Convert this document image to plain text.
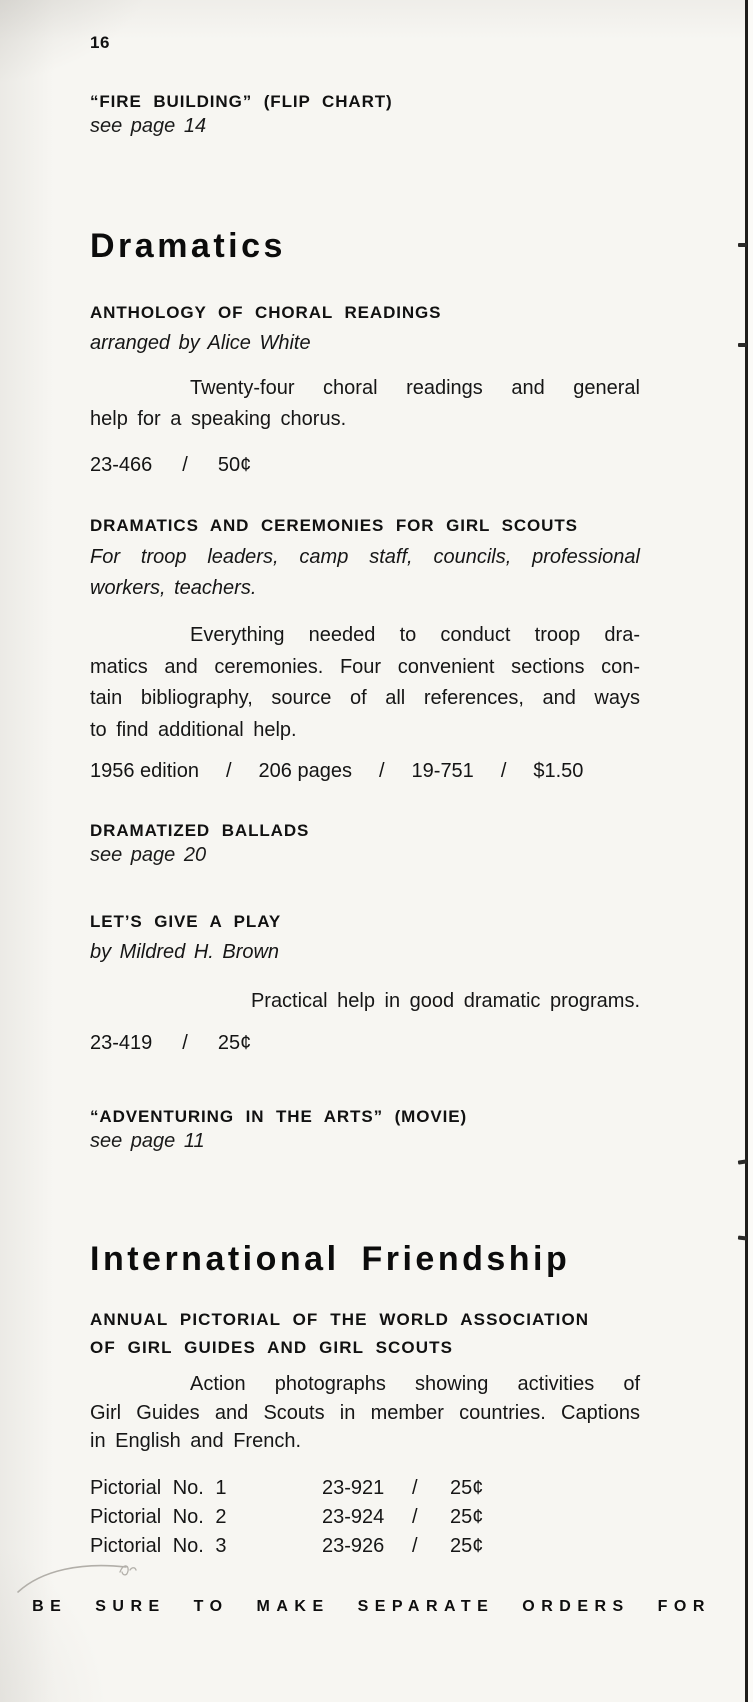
16
“FIRE BUILDING” (FLIP CHART)
see page 14
Dramatics
ANTHOLOGY OF CHORAL READINGS
arranged by Alice White
Twenty-four choral readings and general
help for a speaking chorus.
23-466 / 50¢
DRAMATICS AND CEREMONIES FOR GIRL SCOUTS
For troop leaders, camp staff, councils, professional
workers, teachers.
Everything needed to conduct troop dra-
matics and ceremonies. Four convenient sections con-
tain bibliography, source of all references, and ways
to find additional help.
1956 edition / 206 pages / 19-751 / $1.50
DRAMATIZED BALLADS
see page 20
LET’S GIVE A PLAY
by Mildred H. Brown
Practical help in good dramatic programs.
23-419 / 25¢
“ADVENTURING IN THE ARTS” (MOVIE)
see page 11
International Friendship
ANNUAL PICTORIAL OF THE WORLD ASSOCIATION
OF GIRL GUIDES AND GIRL SCOUTS
Action photographs showing activities of
Girl Guides and Scouts in member countries. Captions
in English and French.
Pictorial No. 1	23-921	/	25¢
Pictorial No. 2	23-924	/	25¢
Pictorial No. 3	23-926	/	25¢
BE SURE TO MAKE SEPARATE ORDERS FOR
